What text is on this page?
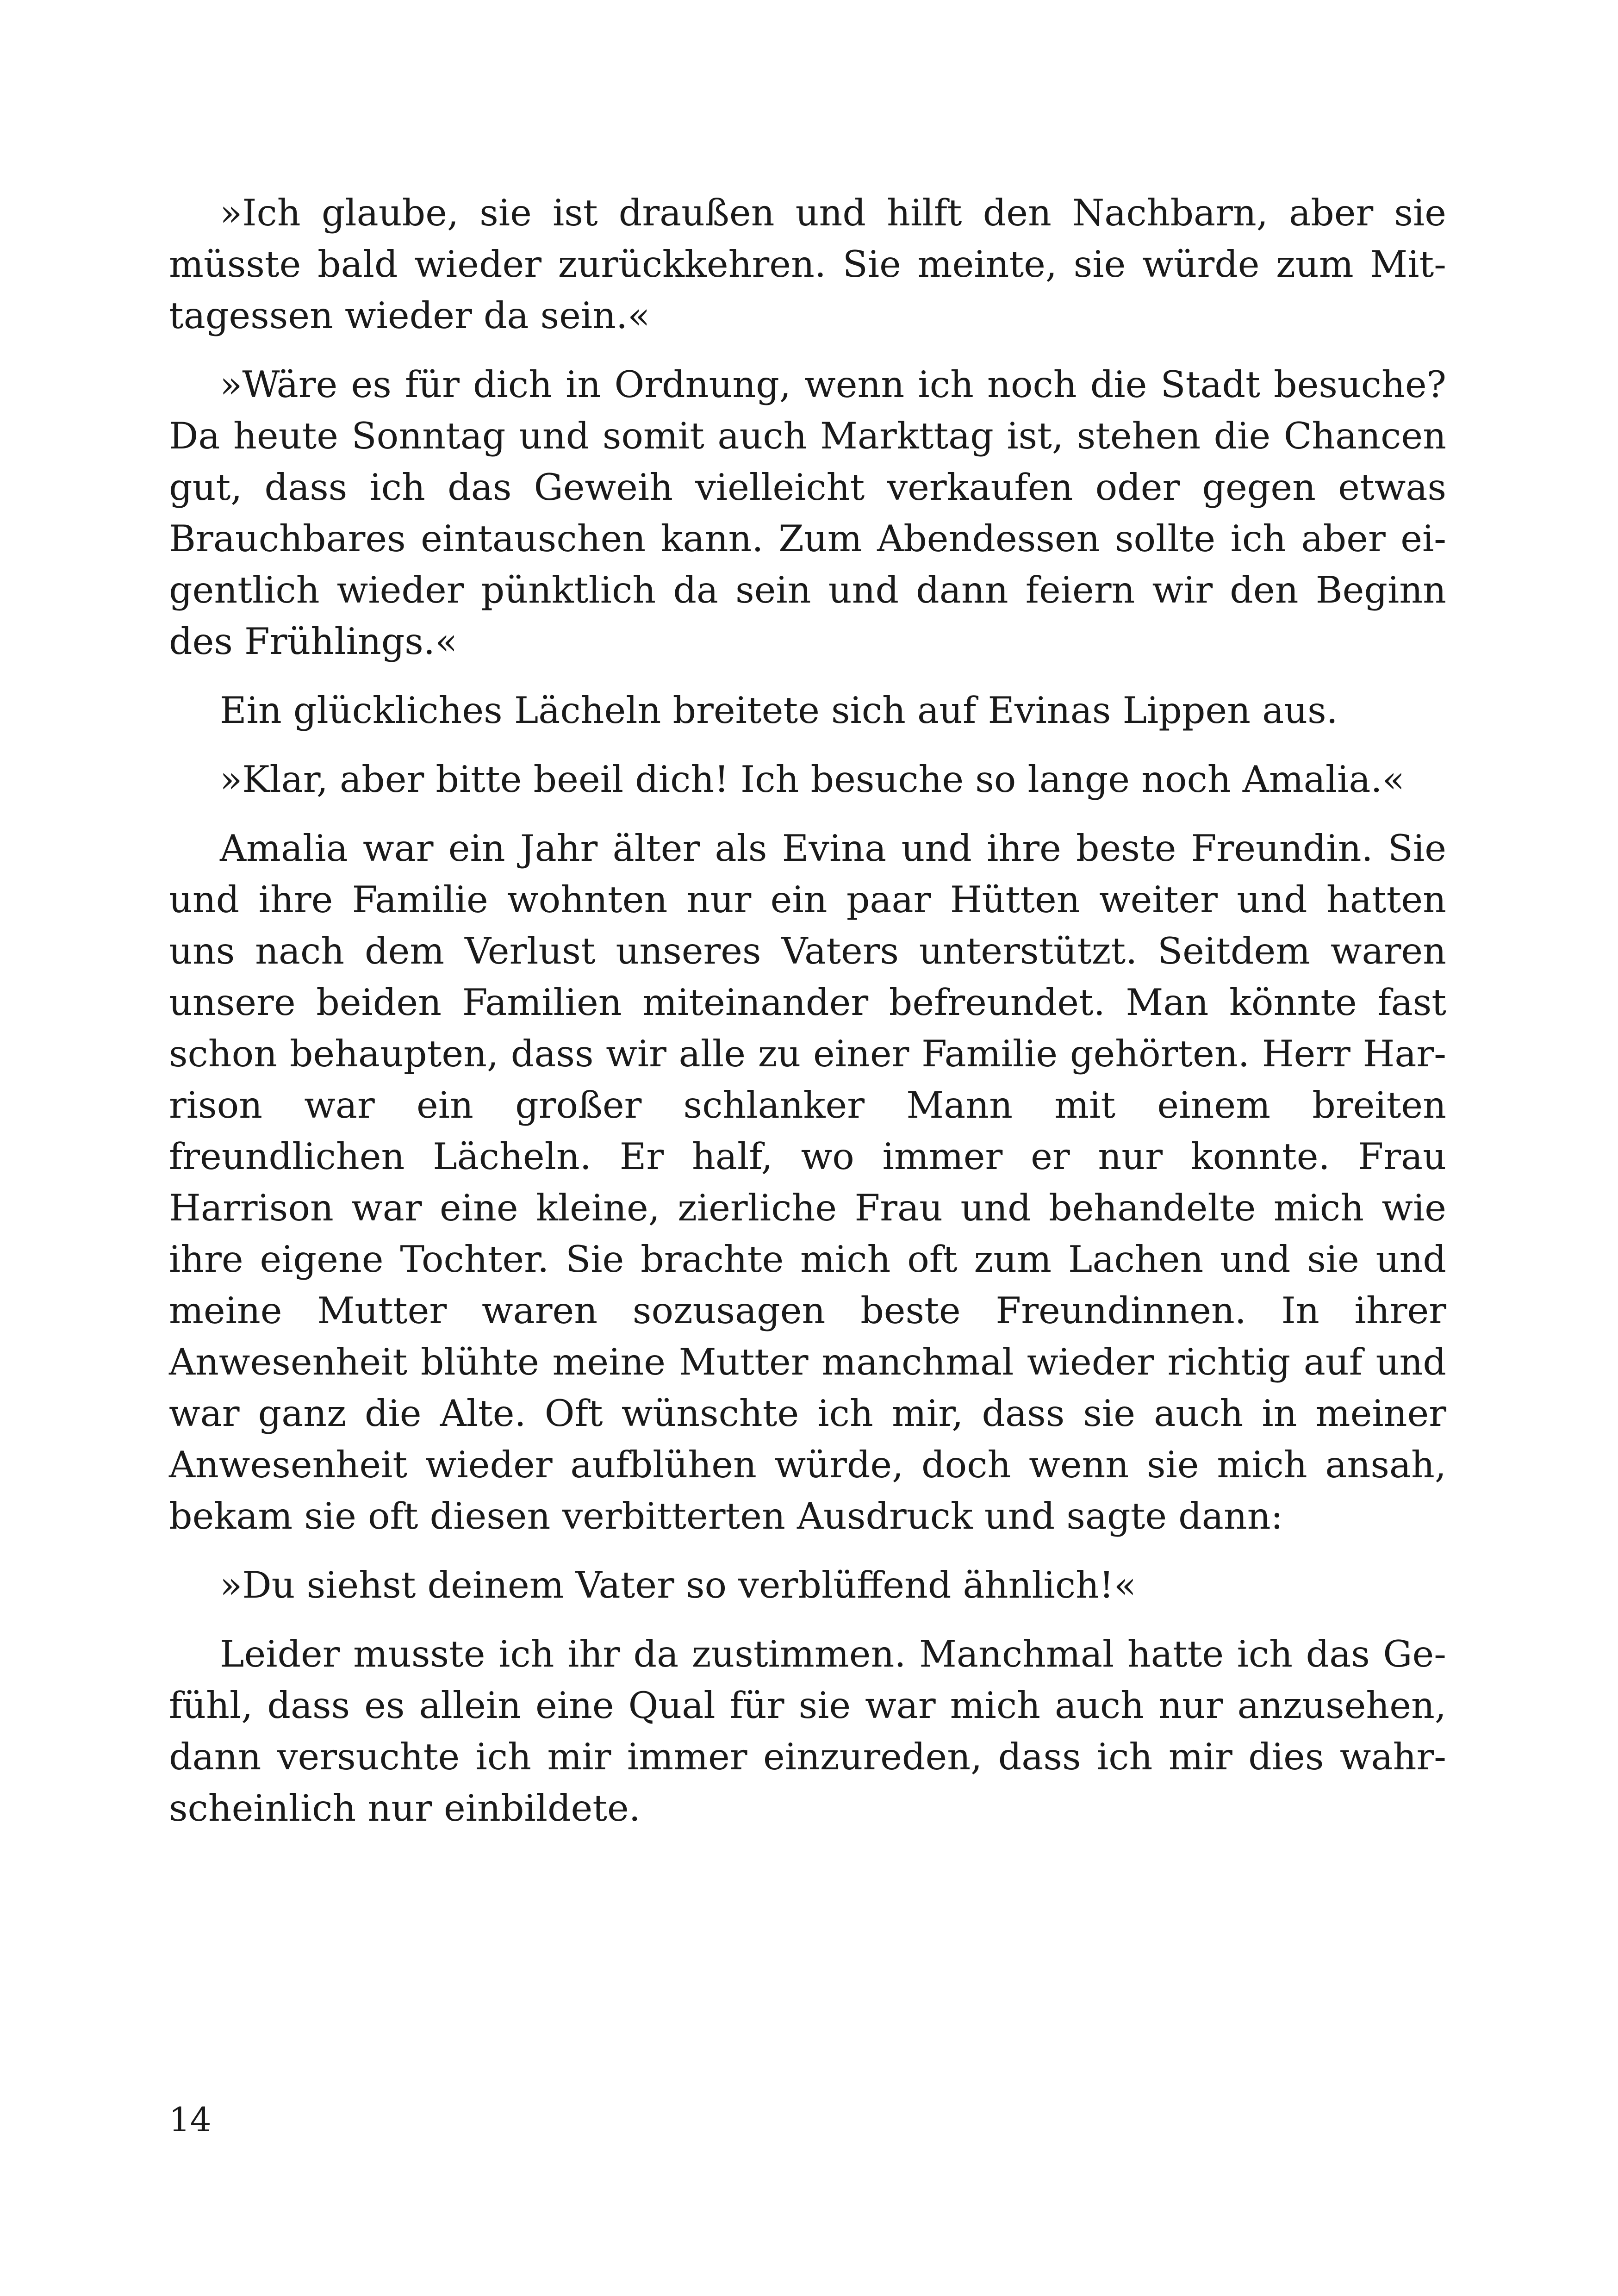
»Ich glaube, sie ist draußen und hilft den Nachbarn, aber sie müsste bald wieder zurückkehren. Sie meinte, sie würde zum Mittagessen wieder da sein.«

»Wäre es für dich in Ordnung, wenn ich noch die Stadt besuche? Da heute Sonntag und somit auch Markttag ist, stehen die Chancen gut, dass ich das Geweih vielleicht verkaufen oder gegen etwas Brauchbares eintauschen kann. Zum Abendessen sollte ich aber eigentlich wieder pünktlich da sein und dann feiern wir den Beginn des Frühlings.«

Ein glückliches Lächeln breitete sich auf Evinas Lippen aus.

»Klar, aber bitte beeil dich! Ich besuche so lange noch Amalia.«

Amalia war ein Jahr älter als Evina und ihre beste Freundin. Sie und ihre Familie wohnten nur ein paar Hütten weiter und hatten uns nach dem Verlust unseres Vaters unterstützt. Seitdem waren unsere beiden Familien miteinander befreundet. Man könnte fast schon behaupten, dass wir alle zu einer Familie gehörten. Herr Harrison war ein großer schlanker Mann mit einem breiten freundlichen Lächeln. Er half, wo immer er nur konnte. Frau Harrison war eine kleine, zierliche Frau und behandelte mich wie ihre eigene Tochter. Sie brachte mich oft zum Lachen und sie und meine Mutter waren sozusagen beste Freundinnen. In ihrer Anwesenheit blühte meine Mutter manchmal wieder richtig auf und war ganz die Alte. Oft wünschte ich mir, dass sie auch in meiner Anwesenheit wieder aufblühen würde, doch wenn sie mich ansah, bekam sie oft diesen verbitterten Ausdruck und sagte dann:

»Du siehst deinem Vater so verblüffend ähnlich!«

Leider musste ich ihr da zustimmen. Manchmal hatte ich das Gefühl, dass es allein eine Qual für sie war mich auch nur anzusehen, dann versuchte ich mir immer einzureden, dass ich mir dies wahrscheinlich nur einbildete.

14
